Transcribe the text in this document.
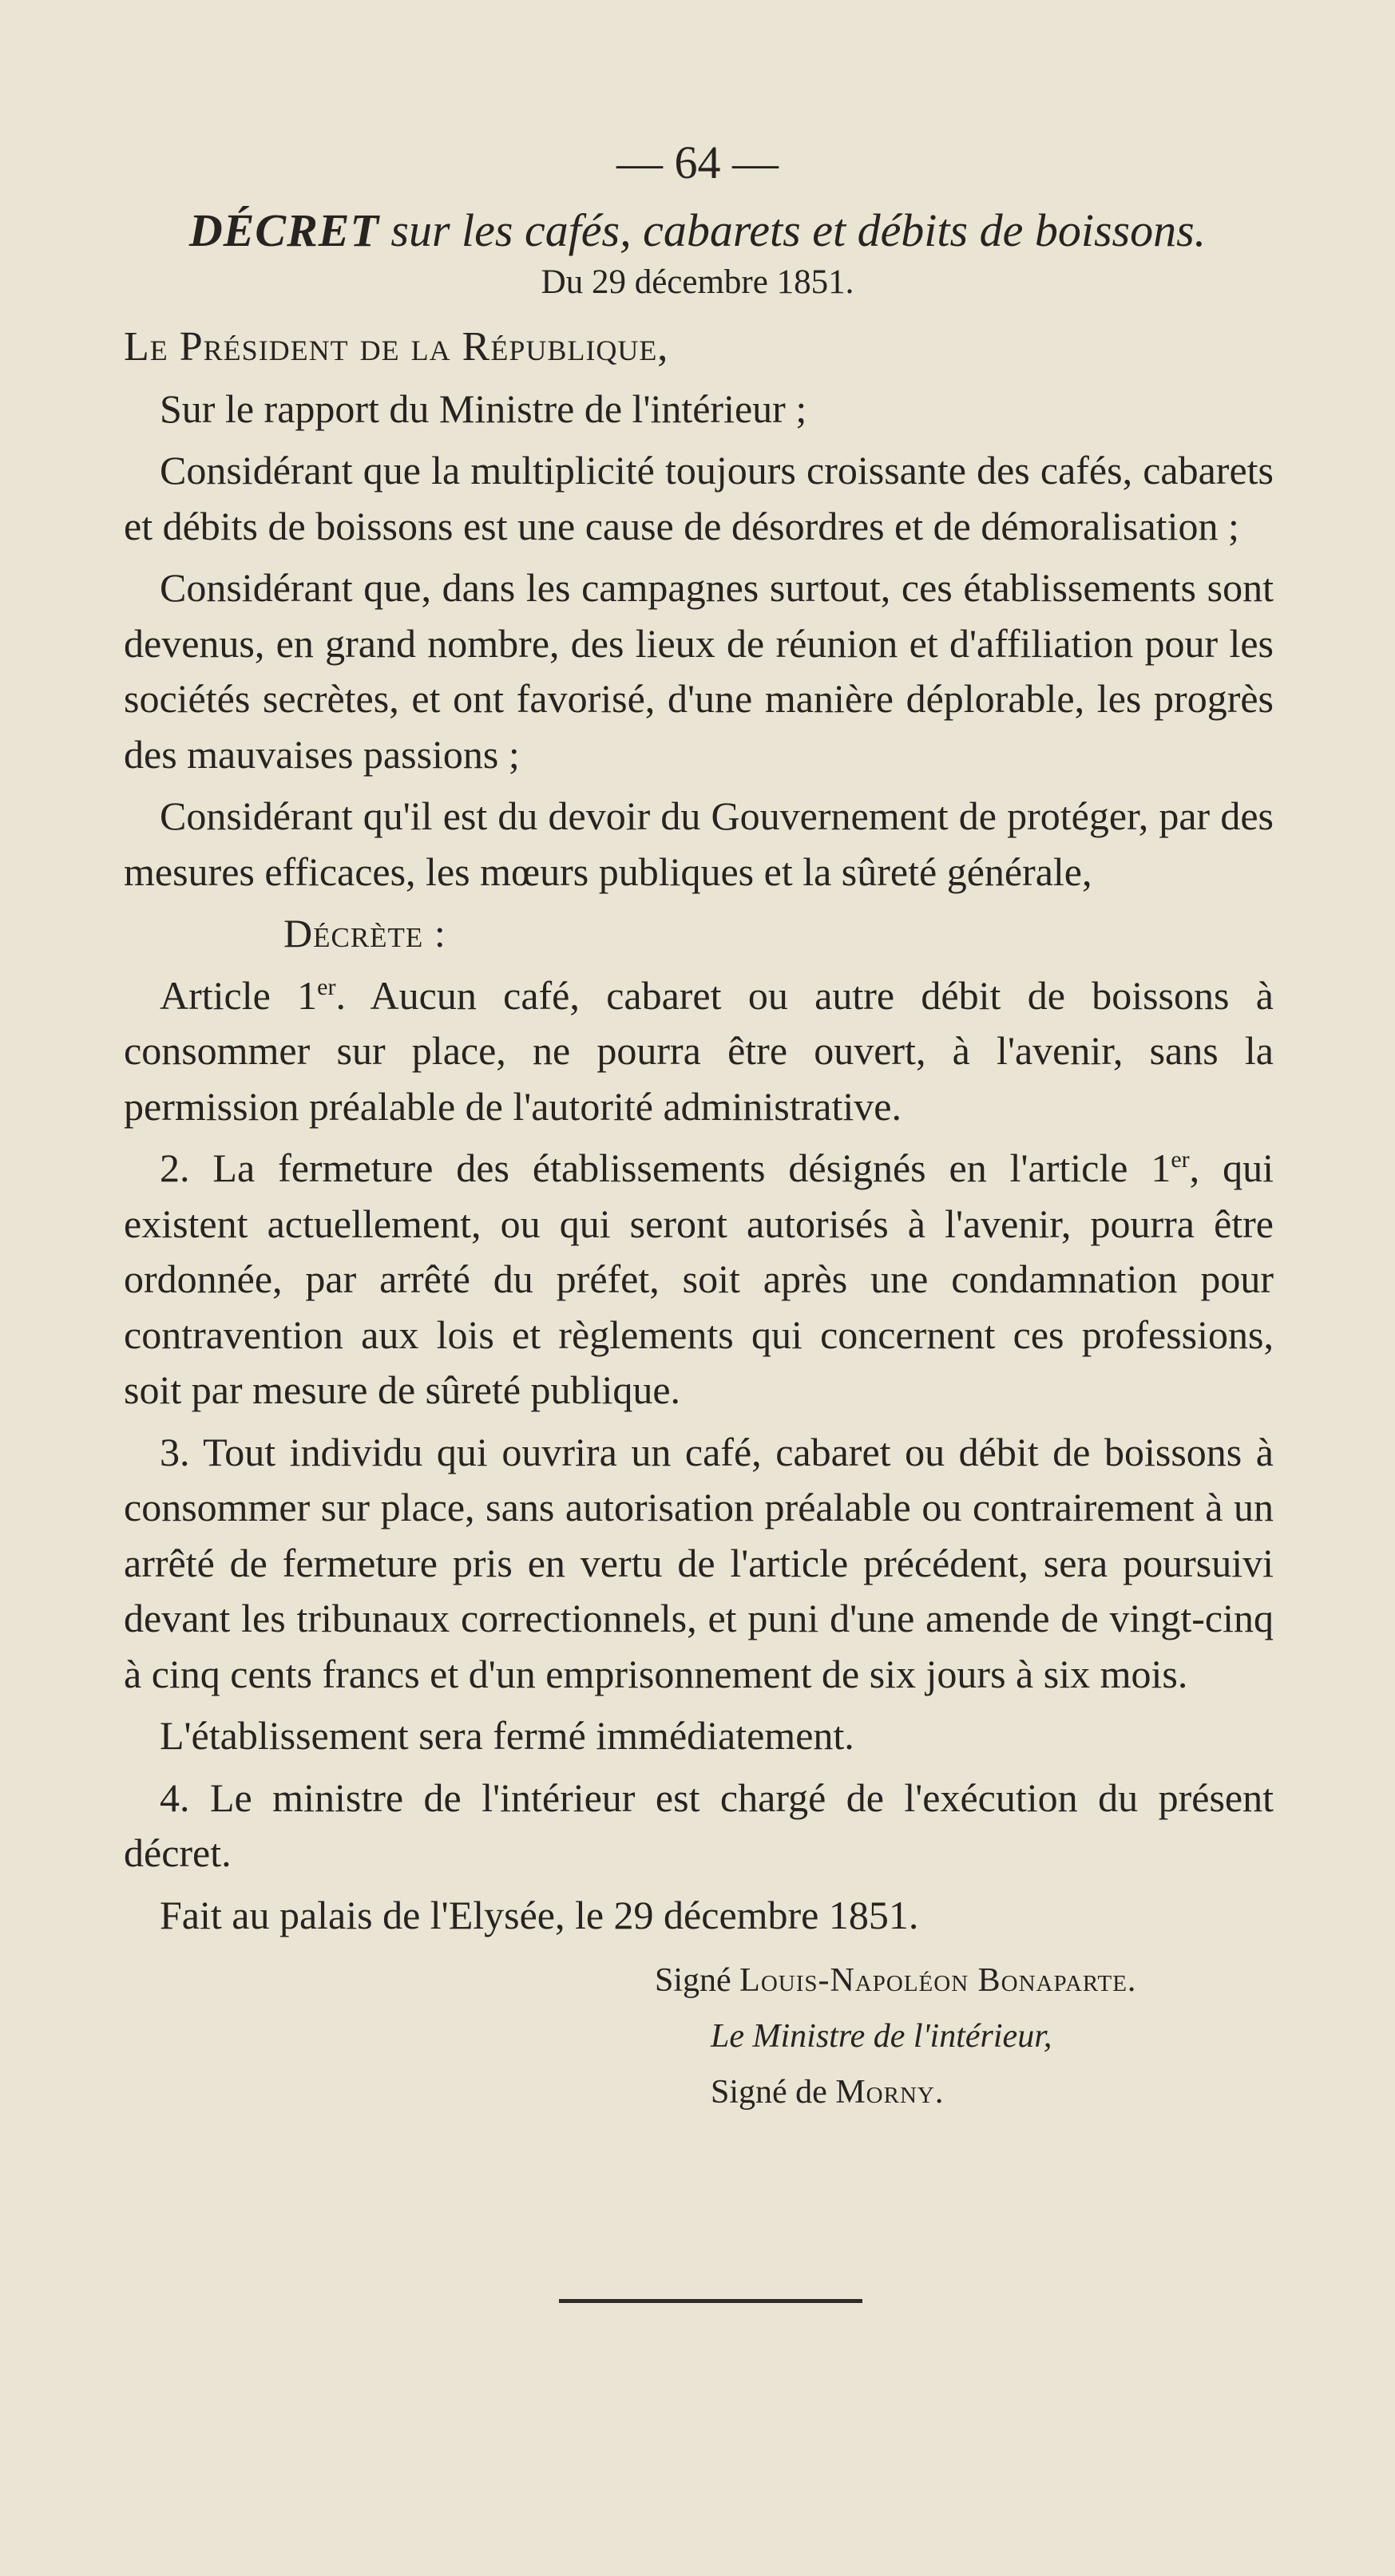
— 64 —
DÉCRET sur les cafés, cabarets et débits de boissons.
Du 29 décembre 1851.

Le Président de la République,

Sur le rapport du Ministre de l'intérieur ;

Considérant que la multiplicité toujours croissante des cafés, cabarets et débits de boissons est une cause de désordres et de démoralisation ;

Considérant que, dans les campagnes surtout, ces établissements sont devenus, en grand nombre, des lieux de réunion et d'affiliation pour les sociétés secrètes, et ont favorisé, d'une manière déplorable, les progrès des mauvaises passions ;

Considérant qu'il est du devoir du Gouvernement de protéger, par des mesures efficaces, les mœurs publiques et la sûreté générale,

Décrète :

Article 1er. Aucun café, cabaret ou autre débit de boissons à consommer sur place, ne pourra être ouvert, à l'avenir, sans la permission préalable de l'autorité administrative.

2. La fermeture des établissements désignés en l'article 1er, qui existent actuellement, ou qui seront autorisés à l'avenir, pourra être ordonnée, par arrêté du préfet, soit après une condamnation pour contravention aux lois et règlements qui concernent ces professions, soit par mesure de sûreté publique.

3. Tout individu qui ouvrira un café, cabaret ou débit de boissons à consommer sur place, sans autorisation préalable ou contrairement à un arrêté de fermeture pris en vertu de l'article précédent, sera poursuivi devant les tribunaux correctionnels, et puni d'une amende de vingt-cinq à cinq cents francs et d'un emprisonnement de six jours à six mois.

L'établissement sera fermé immédiatement.

4. Le ministre de l'intérieur est chargé de l'exécution du présent décret.

Fait au palais de l'Elysée, le 29 décembre 1851.

Signé Louis-Napoléon Bonaparte.

Le Ministre de l'intérieur,

Signé de Morny.
